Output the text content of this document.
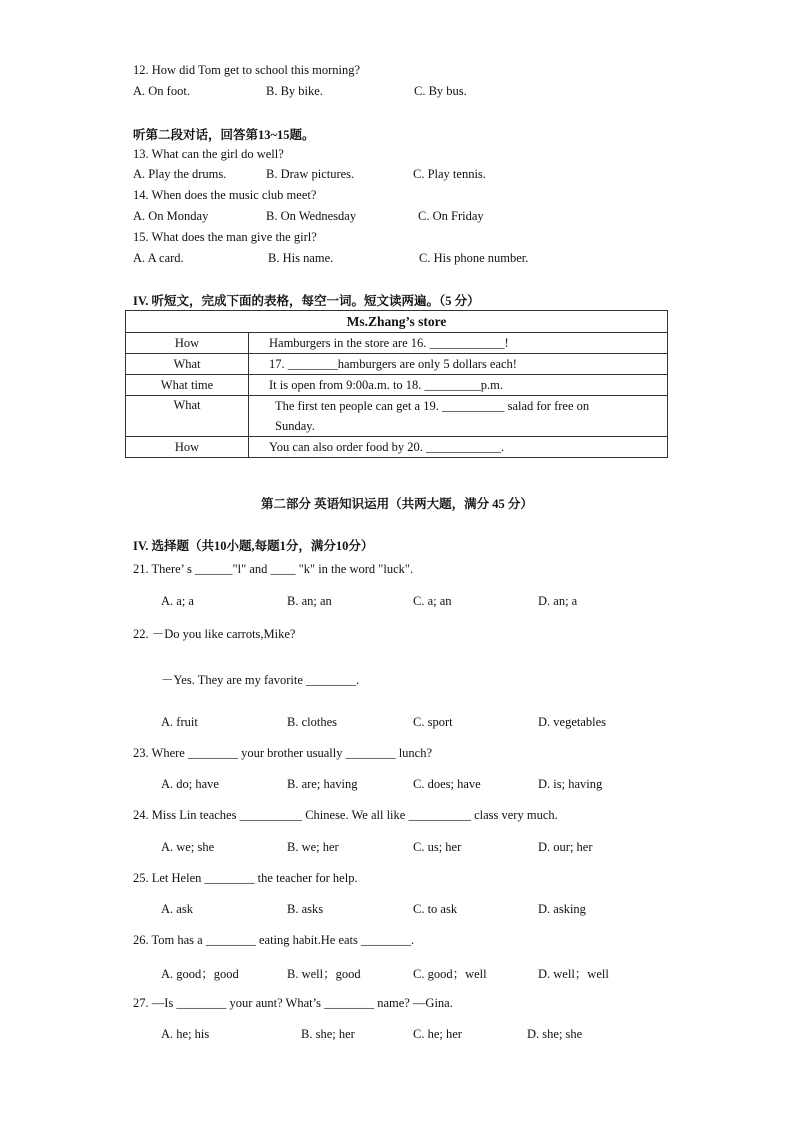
12. How did Tom get to school this morning?
A. On foot.	B. By bike.	C. By bus.
听第二段对话，回答第13~15题。
13. What can the girl do well?
A. Play the drums.	B. Draw pictures.	C. Play tennis.
14. When does the music club meet?
A. On Monday	B. On Wednesday	C. On Friday
15. What does the man give the girl?
A. A card.	B. His name.	C. His phone number.
IV. 听短文，完成下面的表格，每空一词。短文读两遍。（5 分）
Ms.Zhang’s store	
How	Hamburgers in the store are 16. ____________!
What	17. ________hamburgers are only 5 dollars each!
What time	It is open from 9:00a.m. to 18. _________p.m.
What	The first ten people can get a 19. __________ salad for free on
Sunday.

How	You can also order food by 20. ____________.
第二部分 英语知识运用（共两大题，满分 45 分）
IV. 选择题（共10小题,每题1分，满分10分）
21. There’ s ______"l" and ____ "k" in the word "luck".
A. a; a	B. an; an	C. a; an	D. an; a
22. －Do you like carrots,Mike?
－Yes. They are my favorite ________.
A. fruit	B. clothes	C. sport	D. vegetables
23. Where ________ your brother usually ________ lunch?
A. do; have	B. are; having	C. does; have	D. is; having
24. Miss Lin teaches __________ Chinese. We all like __________ class very much.
A. we; she	B. we; her	C. us; her	D. our; her
25. Let Helen ________ the teacher for help.
A. ask	B. asks	C. to ask	D. asking
26. Tom has a ________ eating habit.He eats ________.
A. good；good	B. well；good	C. good；well	D. well；well
27. —Is ________ your aunt? What’s ________ name? —Gina.
A. he; his	B. she; her	C. he; her	D. she; she
